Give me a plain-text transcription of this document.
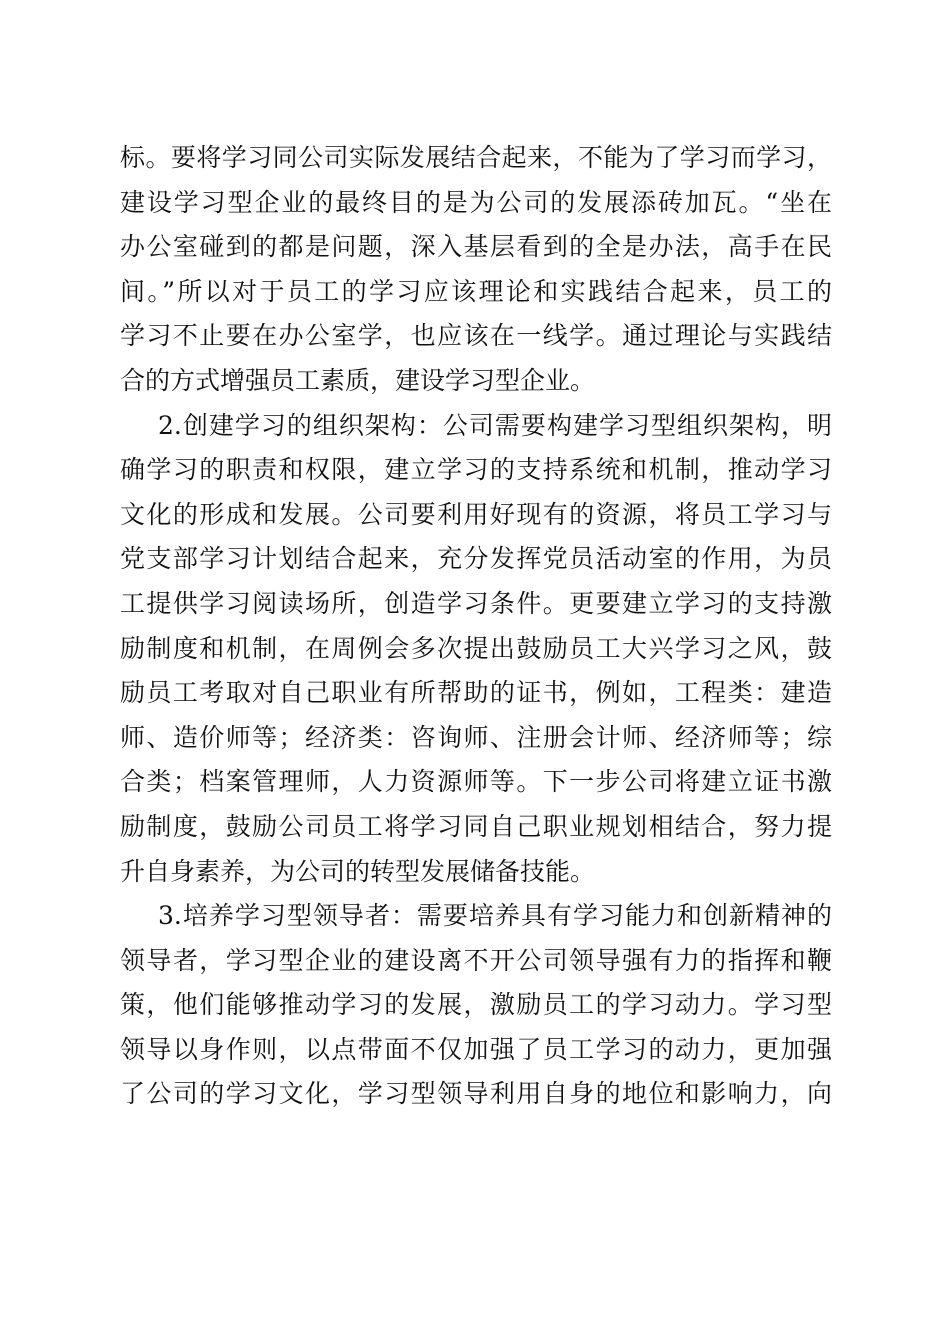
标。要将学习同公司实际发展结合起来，不能为了学习而学习，
建设学习型企业的最终目的是为公司的发展添砖加瓦。“坐在
办公室碰到的都是问题，深入基层看到的全是办法，高手在民
间。”所以对于员工的学习应该理论和实践结合起来，员工的
学习不止要在办公室学，也应该在一线学。通过理论与实践结
合的方式增强员工素质，建设学习型企业。
2.创建学习的组织架构：公司需要构建学习型组织架构，明
确学习的职责和权限，建立学习的支持系统和机制，推动学习
文化的形成和发展。公司要利用好现有的资源，将员工学习与
党支部学习计划结合起来，充分发挥党员活动室的作用，为员
工提供学习阅读场所，创造学习条件。更要建立学习的支持激
励制度和机制，在周例会多次提出鼓励员工大兴学习之风，鼓
励员工考取对自己职业有所帮助的证书，例如，工程类：建造
师、造价师等；经济类：咨询师、注册会计师、经济师等；综
合类；档案管理师，人力资源师等。下一步公司将建立证书激
励制度，鼓励公司员工将学习同自己职业规划相结合，努力提
升自身素养，为公司的转型发展储备技能。
3.培养学习型领导者：需要培养具有学习能力和创新精神的
领导者，学习型企业的建设离不开公司领导强有力的指挥和鞭
策，他们能够推动学习的发展，激励员工的学习动力。学习型
领导以身作则，以点带面不仅加强了员工学习的动力，更加强
了公司的学习文化，学习型领导利用自身的地位和影响力，向
